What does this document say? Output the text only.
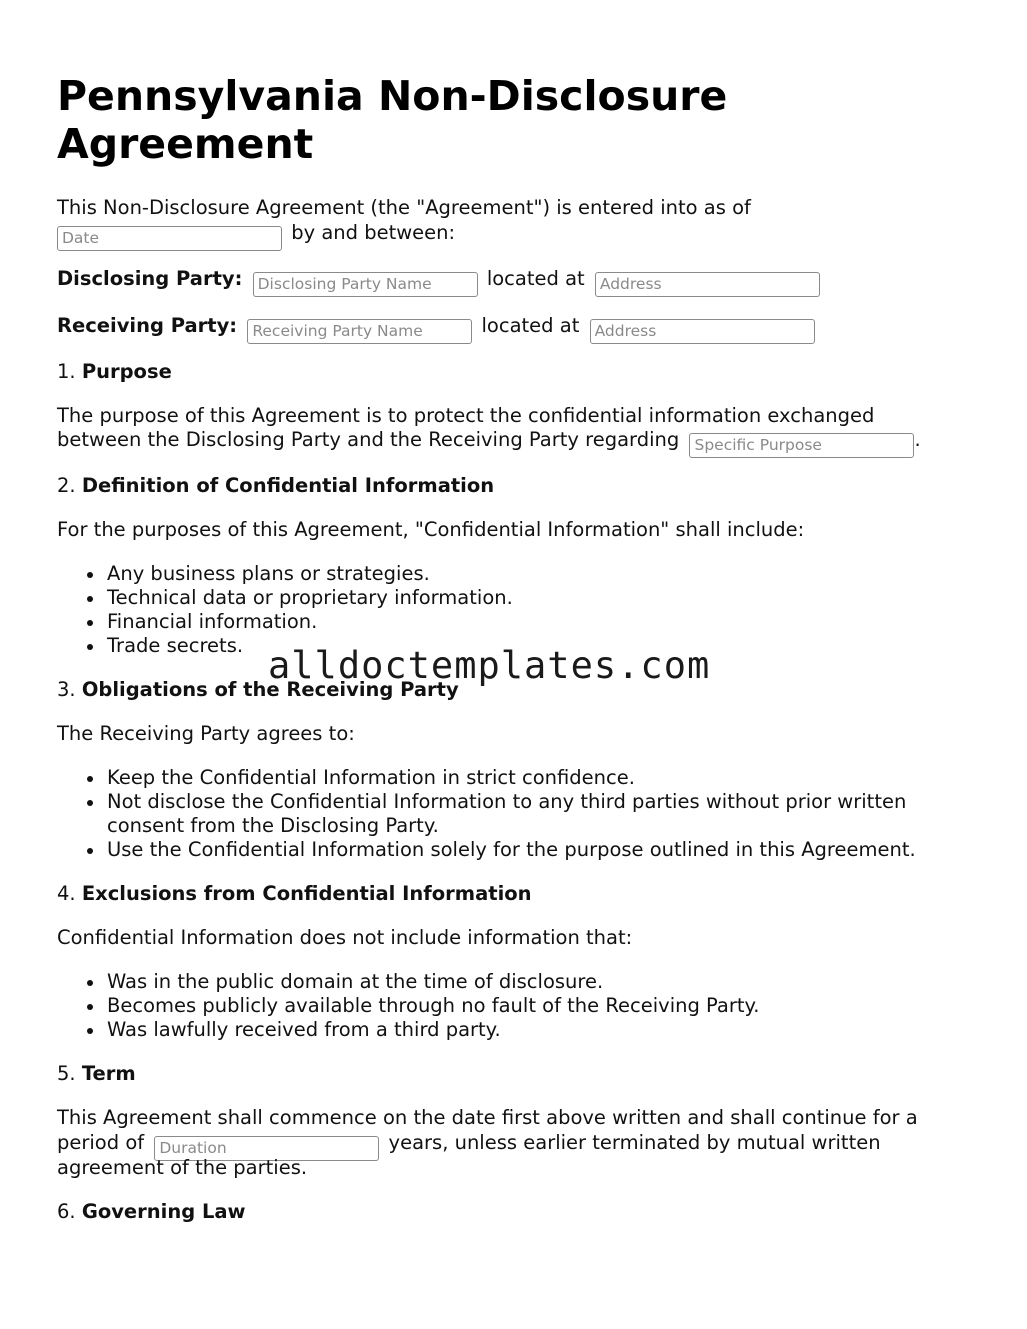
Pennsylvania Non-Disclosure Agreement
This Non-Disclosure Agreement (the "Agreement") is entered into as of
Date by and between:
Disclosing Party: Disclosing Party Name	located at Address
Receiving Party: Receiving Party Name	located at Address
1. Purpose
The purpose of this Agreement is to protect the confidential information exchanged
between the Disclosing Party and the Receiving Party regarding Specific Purpose	.
2. Definition of Confidential Information
For the purposes of this Agreement, "Confidential Information" shall include:
Any business plans or strategies.
Technical data or proprietary information.
Financial information.
Trade secrets.
3. Obligations of the Receiving Party
The Receiving Party agrees to:
Keep the Confidential Information in strict confidence.
Not disclose the Confidential Information to any third parties without prior written
consent from the Disclosing Party.
Use the Confidential Information solely for the purpose outlined in this Agreement.
4. Exclusions from Confidential Information
Confidential Information does not include information that:
Was in the public domain at the time of disclosure.
Becomes publicly available through no fault of the Receiving Party.
Was lawfully received from a third party.
5. Term
This Agreement shall commence on the date first above written and shall continue for a
period of Duration	years, unless earlier terminated by mutual written
agreement of the parties.
6. Governing Law
alldoctemplates.com
